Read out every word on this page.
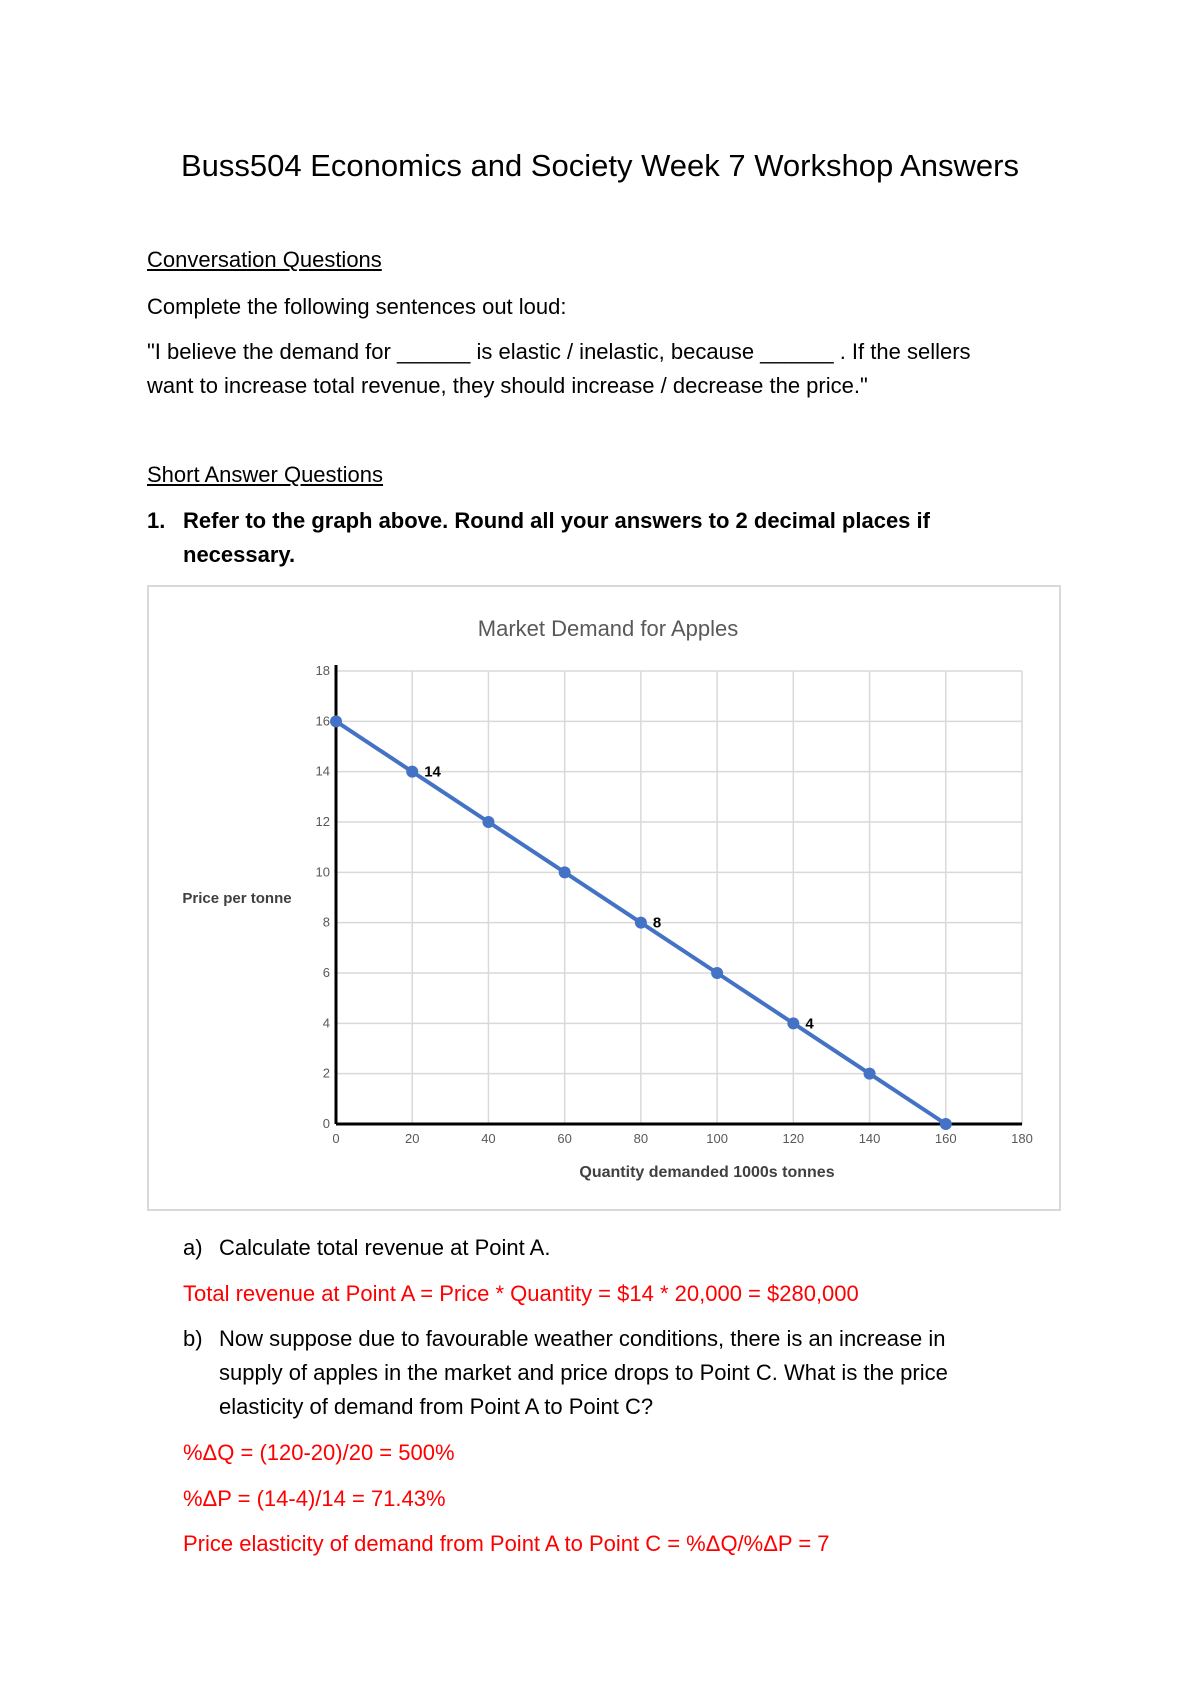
Buss504 Economics and Society Week 7 Workshop Answers
Conversation Questions
Complete the following sentences out loud:
"I believe the demand for ______ is elastic / inelastic, because ______ . If the sellers
want to increase total revenue, they should increase / decrease the price."
Short Answer Questions
1. Refer to the graph above. Round all your answers to 2 decimal places if
necessary.
Market Demand for Apples
0	20	40	60	80	100	120	140	160	180
0
2
4
6
8
10
12
14
16
18
14
8
4
Price per tonne
Quantity demanded 1000s tonnes
a) Calculate total revenue at Point A.
Total revenue at Point A = Price * Quantity = $14 * 20,000 = $280,000
b) Now suppose due to favourable weather conditions, there is an increase in
supply of apples in the market and price drops to Point C. What is the price
elasticity of demand from Point A to Point C?
%ΔQ = (120-20)/20 = 500%
%ΔP = (14-4)/14 = 71.43%
Price elasticity of demand from Point A to Point C = %ΔQ/%ΔP = 7
